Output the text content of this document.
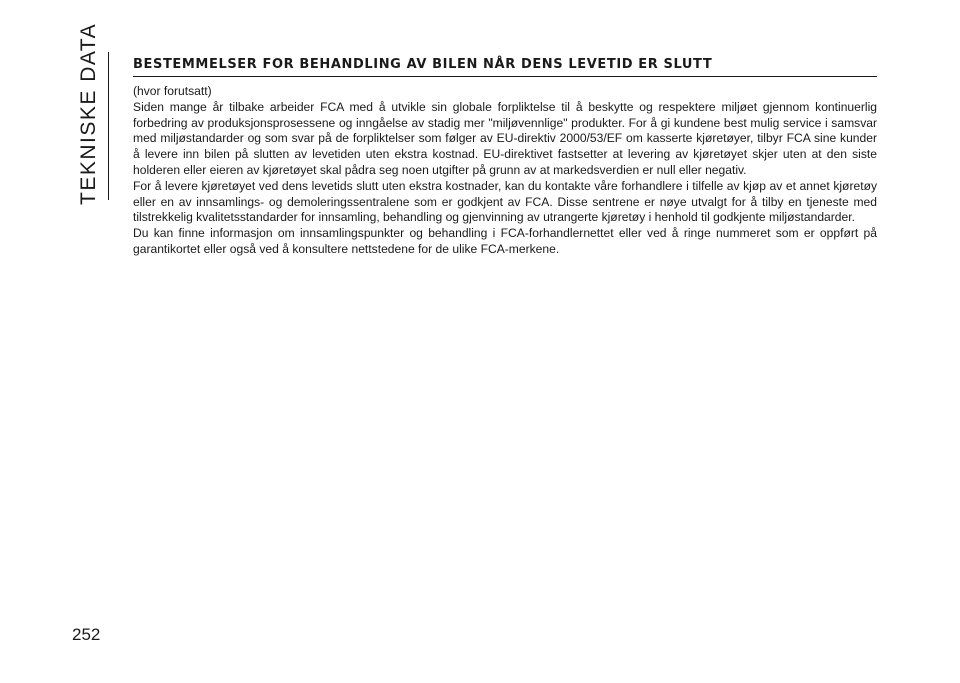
TEKNISKE DATA	BESTEMMELSER FOR BEHANDLING AV BILEN NÅR DENS LEVETID ER SLUTT

(hvor forutsatt)

Siden mange år tilbake arbeider FCA med å utvikle sin globale forpliktelse til å beskytte og respektere miljøet gjennom kontinuerlig forbedring av produksjonsprosessene og inngåelse av stadig mer "miljøvennlige" produkter. For å gi kundene best mulig service i samsvar med miljøstandarder og som svar på de forpliktelser som følger av EU-direktiv 2000/53/EF om kasserte kjøretøyer, tilbyr FCA sine kunder å levere inn bilen på slutten av levetiden uten ekstra kostnad. EU-direktivet fastsetter at levering av kjøretøyet skjer uten at den siste holderen eller eieren av kjøretøyet skal pådra seg noen utgifter på grunn av at markedsverdien er null eller negativ.

For å levere kjøretøyet ved dens levetids slutt uten ekstra kostnader, kan du kontakte våre forhandlere i tilfelle av kjøp av et annet kjøretøy eller en av innsamlings- og demoleringssentralene som er godkjent av FCA. Disse sentrene er nøye utvalgt for å tilby en tjeneste med tilstrekkelig kvalitetsstandarder for innsamling, behandling og gjenvinning av utrangerte kjøretøy i henhold til godkjente miljøstandarder.

Du kan finne informasjon om innsamlingspunkter og behandling i FCA-forhandlernettet eller ved å ringe nummeret som er oppført på garantikortet eller også ved å konsultere nettstedene for de ulike FCA-merkene.

252
